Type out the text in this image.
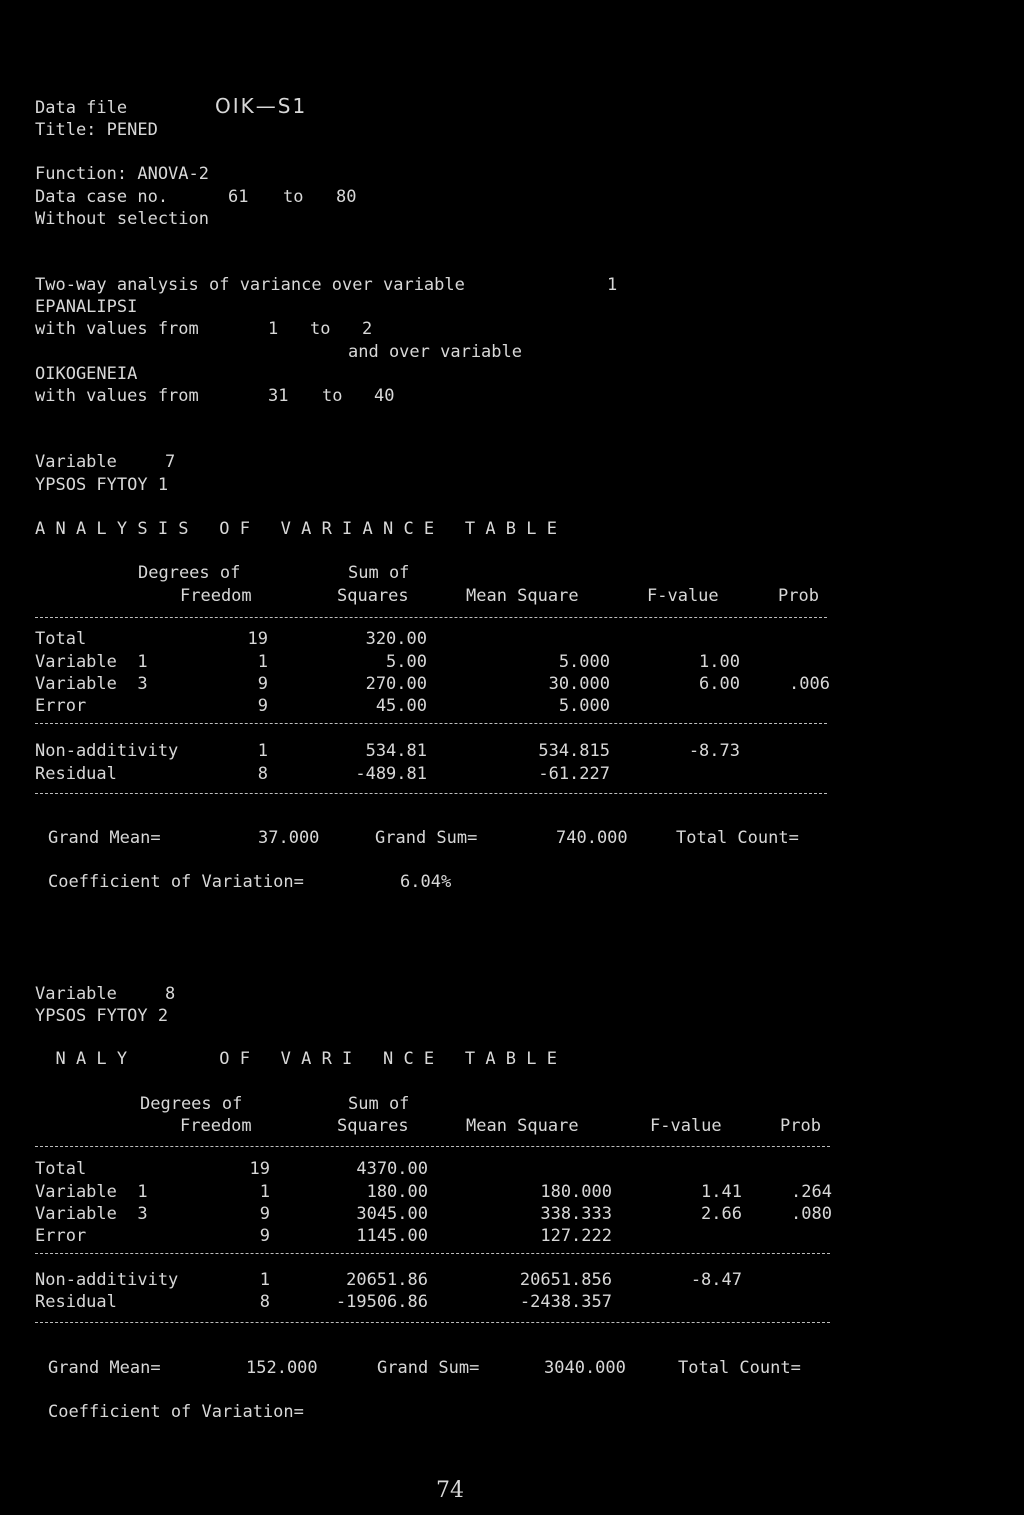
Data file	OIK—S1
Title: PENED
Function: ANOVA-2
Data case no.	61 to 80
Without selection
Two-way analysis of variance over variable	1
EPANALIPSI
with values from	1 to 2
and over variable
OIKOGENEIA
with values from	31 to 40
Variable	7
YPSOS FYTOY 1
A N A L Y S I S   O F   V A R I A N C E   T A B L E
Degrees of
Freedom
Sum of
Squares	Mean Square	F-value	Prob
Total	19	320.00
Variable  1	1	5.00	5.000	1.00
Variable  3	9	270.00	30.000	6.00	.006
Error	9	45.00	5.000
Non-additivity	1	534.81	534.815	-8.73
Residual	8	-489.81	-61.227
Grand Mean=	37.000	Grand Sum=	740.000	Total Count=
Coefficient of Variation=	6.04%
Variable	8
YPSOS FYTOY 2
N A L Y         O F   V A R I   N C E   T A B L E
Degrees of
Freedom
Sum of
Squares	Mean Square	F-value	Prob
Total	19	4370.00
Variable  1	1	180.00	180.000	1.41	.264
Variable  3	9	3045.00	338.333	2.66	.080
Error	9	1145.00	127.222
Non-additivity	1	20651.86	20651.856	-8.47
Residual	8	-19506.86	-2438.357
Grand Mean=	152.000	Grand Sum=	3040.000	Total Count=
Coefficient of Variation=
74
